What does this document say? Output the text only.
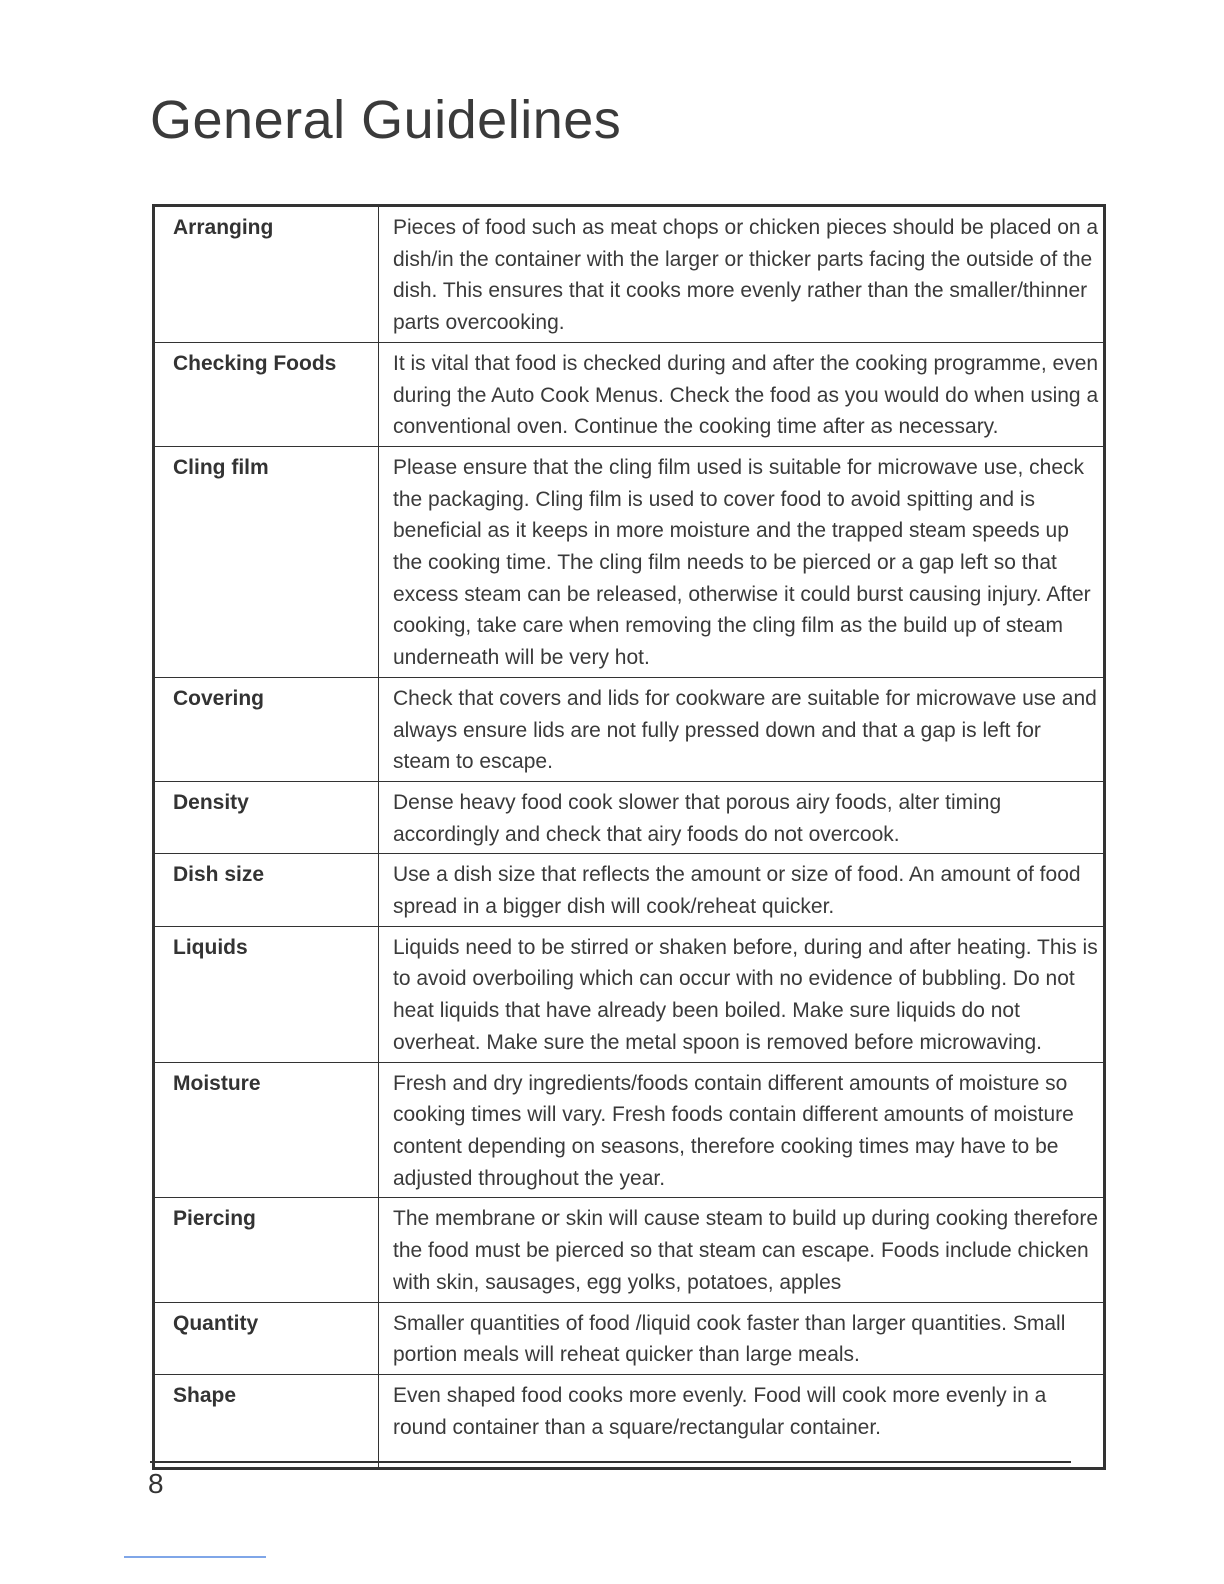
General Guidelines
Arranging	Pieces of food such as meat chops or chicken pieces should be placed on a dish/in the container with the larger or thicker parts facing the outside of the dish. This ensures that it cooks more evenly rather than the smaller/thinner parts overcooking.
Checking Foods	It is vital that food is checked during and after the cooking programme, even during the Auto Cook Menus. Check the food as you would do when using a conventional oven. Continue the cooking time after as necessary.
Cling film	Please ensure that the cling film used is suitable for microwave use, check the packaging. Cling film is used to cover food to avoid spitting and is beneficial as it keeps in more moisture and the trapped steam speeds up the cooking time. The cling film needs to be pierced or a gap left so that excess steam can be released, otherwise it could burst causing injury. After cooking, take care when removing the cling film as the build up of steam underneath will be very hot.
Covering	Check that covers and lids for cookware are suitable for microwave use and always ensure lids are not fully pressed down and that a gap is left for steam to escape.
Density	Dense heavy food cook slower that porous airy foods, alter timing accordingly and check that airy foods do not overcook.
Dish size	Use a dish size that reflects the amount or size of food. An amount of food spread in a bigger dish will cook/reheat quicker.
Liquids	Liquids need to be stirred or shaken before, during and after heating. This is to avoid overboiling which can occur with no evidence of bubbling. Do not heat liquids that have already been boiled. Make sure liquids do not overheat. Make sure the metal spoon is removed before microwaving.
Moisture	Fresh and dry ingredients/foods contain different amounts of moisture so cooking times will vary. Fresh foods contain different amounts of moisture content depending on seasons, therefore cooking times may have to be adjusted throughout the year.
Piercing	The membrane or skin will cause steam to build up during cooking therefore the food must be pierced so that steam can escape. Foods include chicken with skin, sausages, egg yolks, potatoes, apples
Quantity	Smaller quantities of food /liquid cook faster than larger quantities. Small portion meals will reheat quicker than large meals.
Shape	Even shaped food cooks more evenly. Food will cook more evenly in a round container than a square/rectangular container.
8
